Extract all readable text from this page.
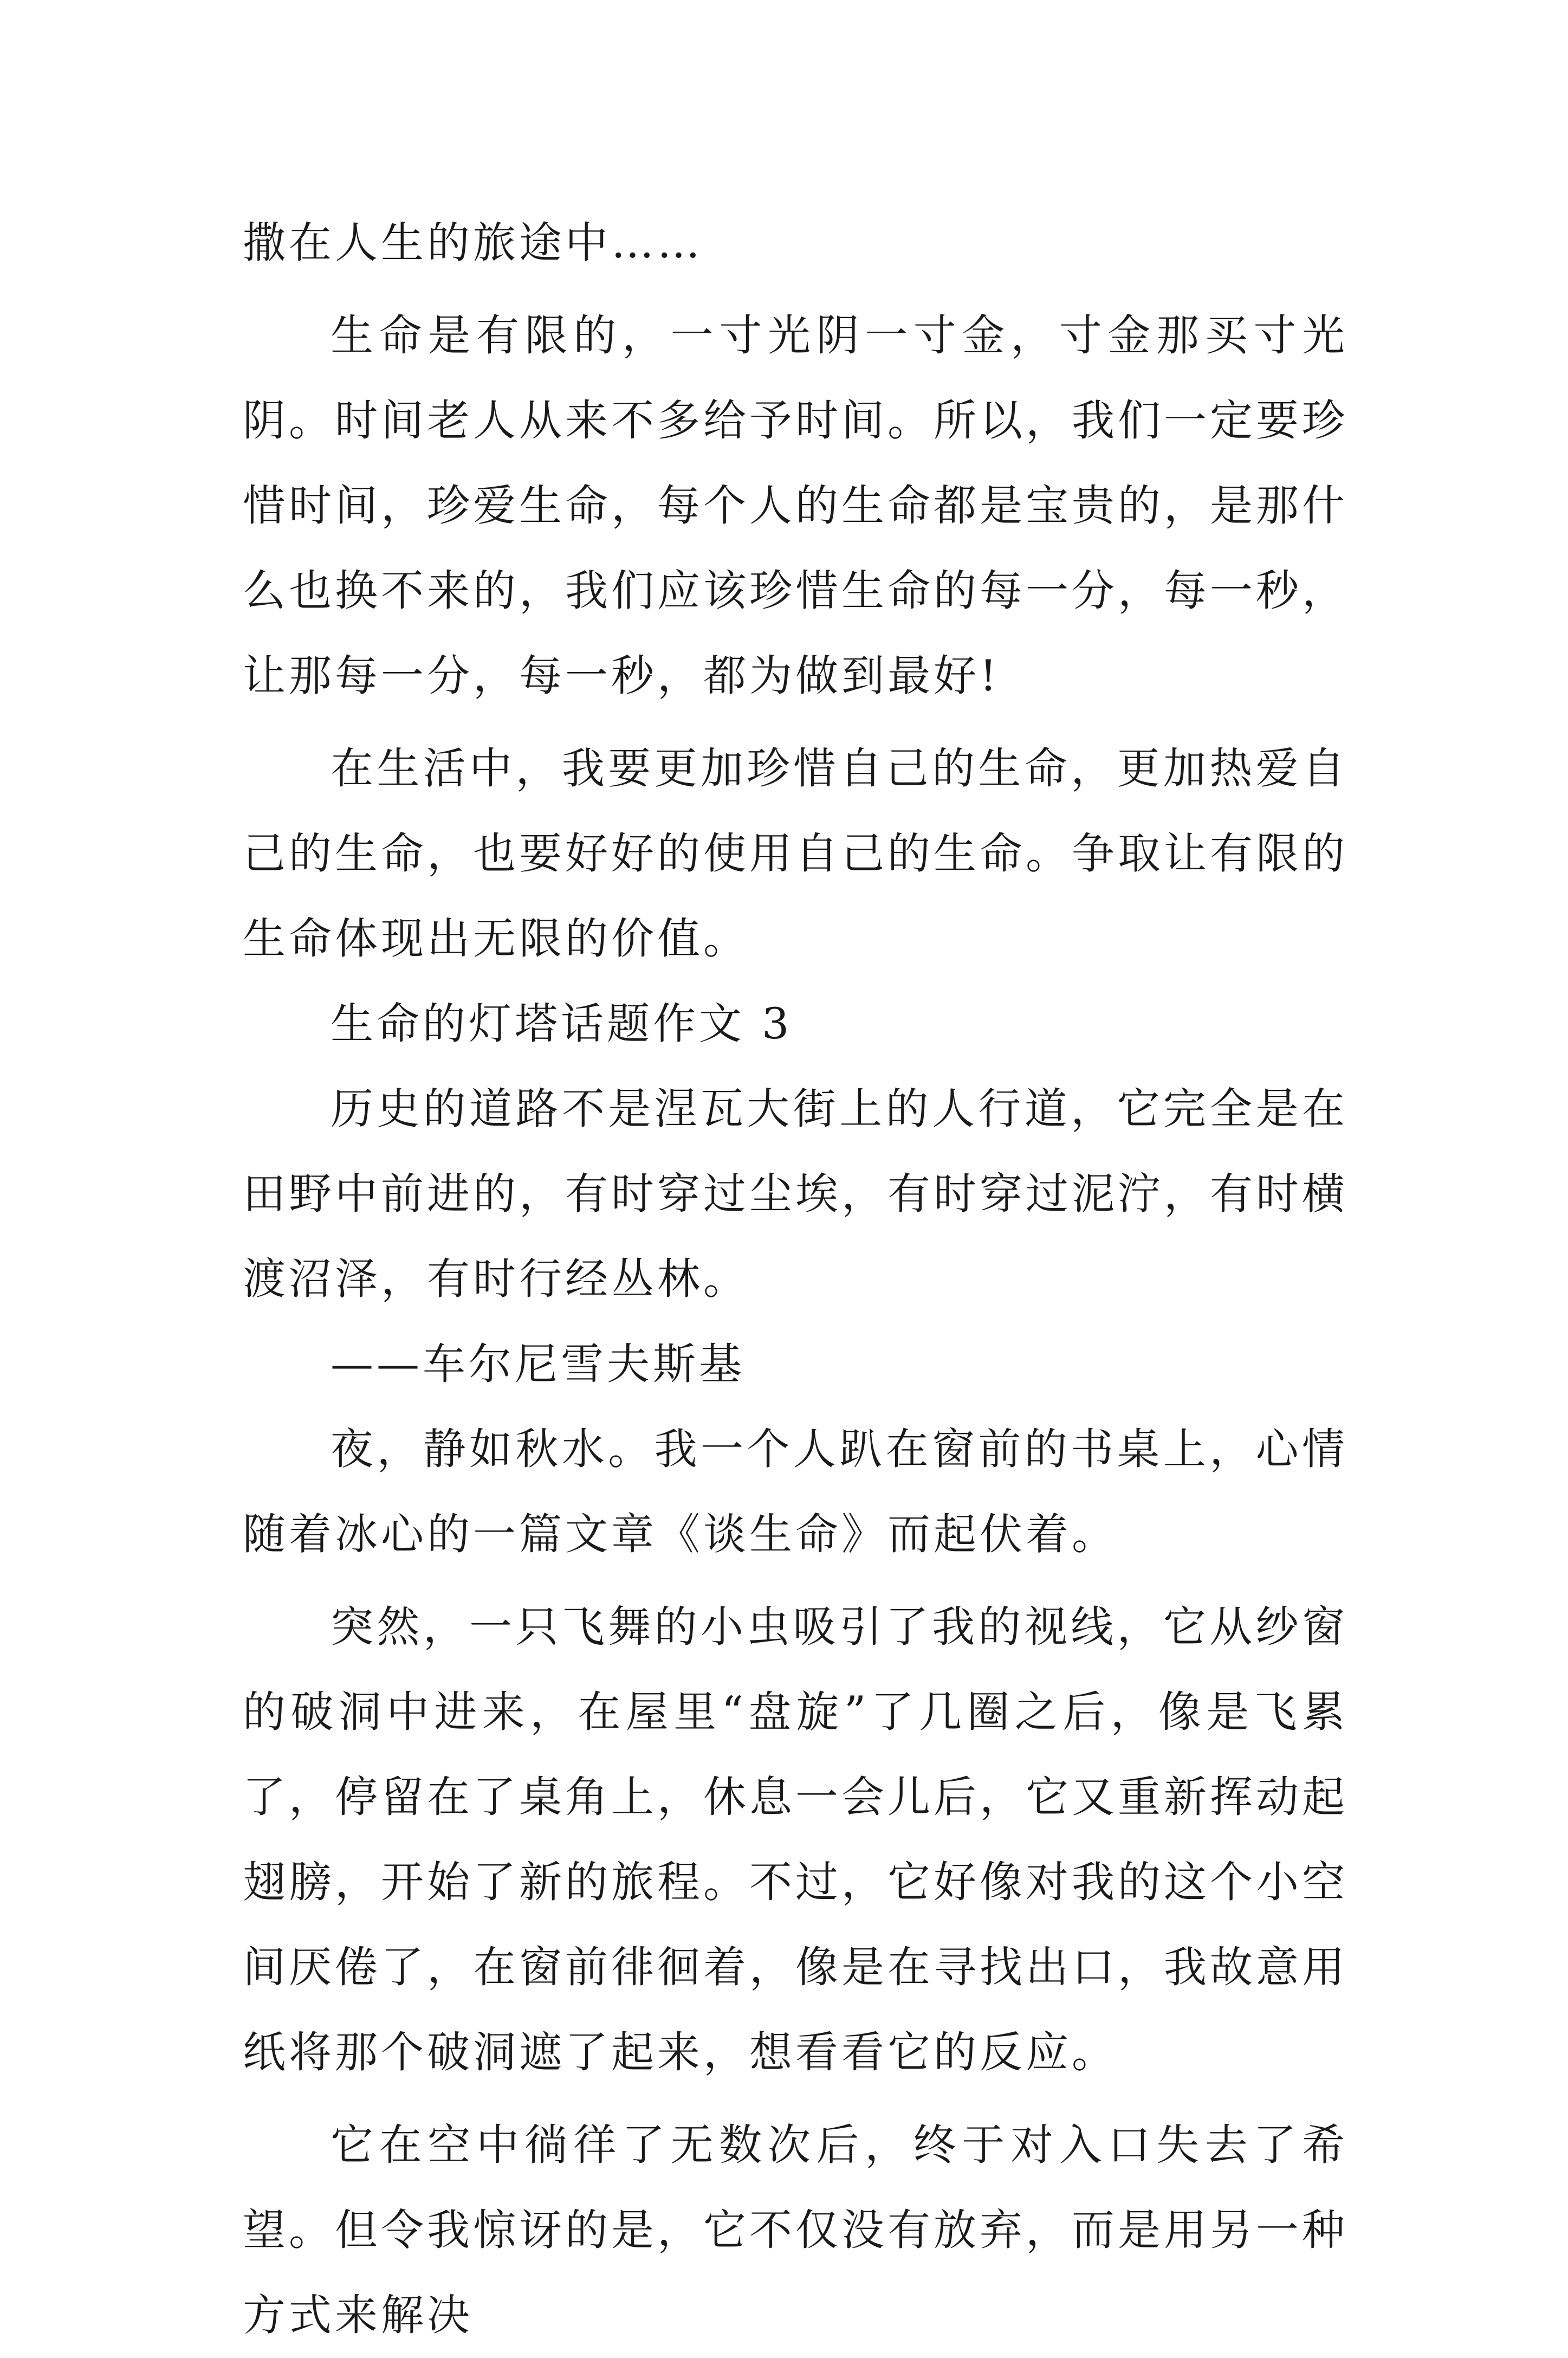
撒在人生的旅途中……

生命是有限的，一寸光阴一寸金，寸金那买寸光阴。时间老人从来不多给予时间。所以，我们一定要珍惜时间，珍爱生命，每个人的生命都是宝贵的，是那什么也换不来的，我们应该珍惜生命的每一分，每一秒，让那每一分，每一秒，都为做到最好!

在生活中，我要更加珍惜自己的生命，更加热爱自己的生命，也要好好的使用自己的生命。争取让有限的生命体现出无限的价值。

生命的灯塔话题作文 3

历史的道路不是涅瓦大街上的人行道，它完全是在田野中前进的，有时穿过尘埃，有时穿过泥泞，有时横渡沼泽，有时行经丛林。

——车尔尼雪夫斯基

夜，静如秋水。我一个人趴在窗前的书桌上，心情随着冰心的一篇文章《谈生命》而起伏着。

突然，一只飞舞的小虫吸引了我的视线，它从纱窗的破洞中进来，在屋里“盘旋”了几圈之后，像是飞累了，停留在了桌角上，休息一会儿后，它又重新挥动起翅膀，开始了新的旅程。不过，它好像对我的这个小空间厌倦了，在窗前徘徊着，像是在寻找出口，我故意用纸将那个破洞遮了起来，想看看它的反应。

它在空中徜徉了无数次后，终于对入口失去了希望。但令我惊讶的是，它不仅没有放弃，而是用另一种方式来解决
